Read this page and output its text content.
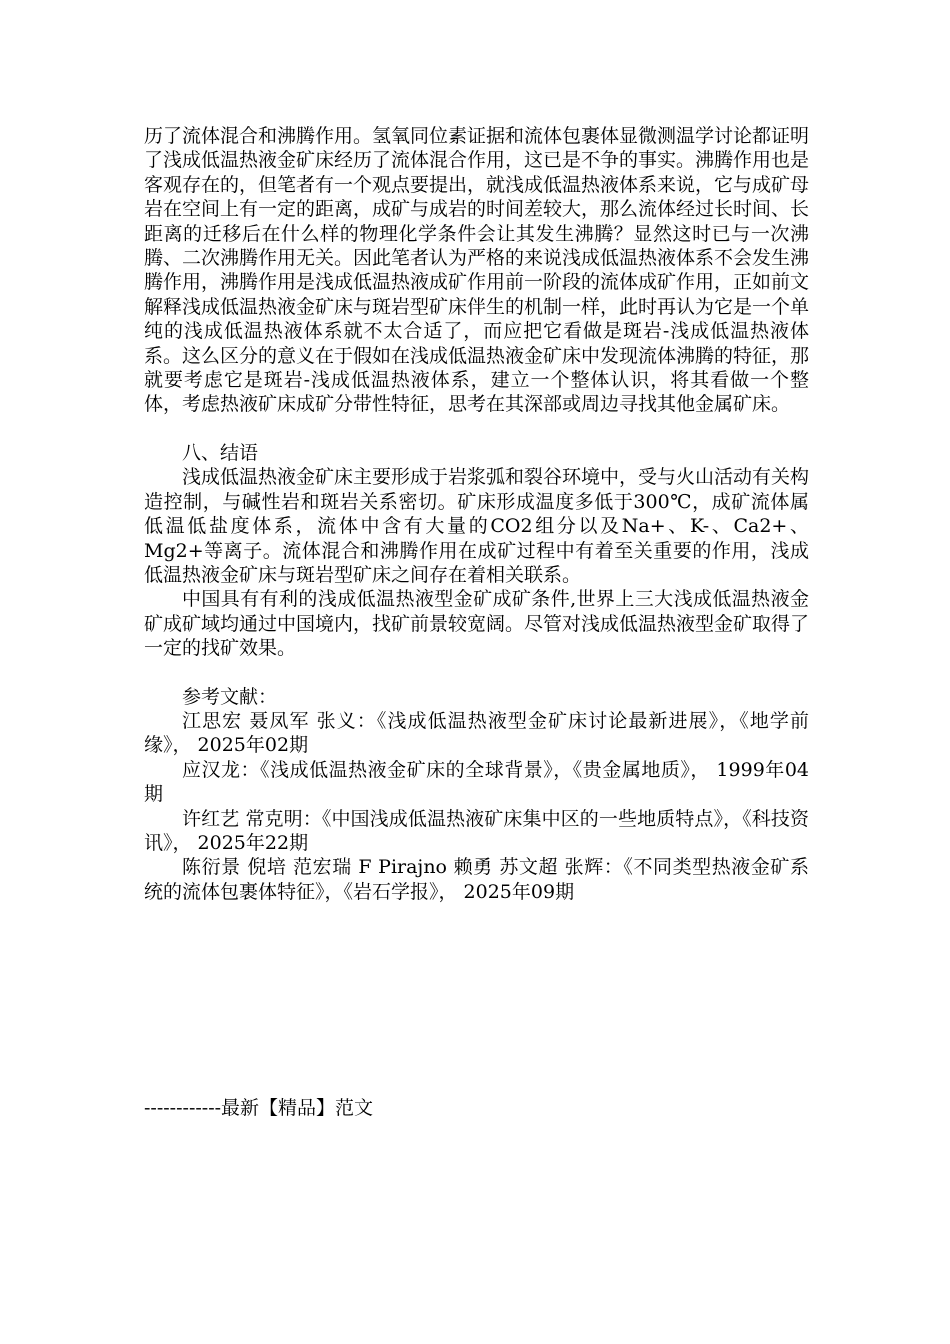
历了流体混合和沸腾作用。氢氧同位素证据和流体包裹体显微测温学讨论都证明了浅成低温热液金矿床经历了流体混合作用，这已是不争的事实。沸腾作用也是客观存在的，但笔者有一个观点要提出，就浅成低温热液体系来说，它与成矿母岩在空间上有一定的距离，成矿与成岩的时间差较大，那么流体经过长时间、长距离的迁移后在什么样的物理化学条件会让其发生沸腾？显然这时已与一次沸腾、二次沸腾作用无关。因此笔者认为严格的来说浅成低温热液体系不会发生沸腾作用，沸腾作用是浅成低温热液成矿作用前一阶段的流体成矿作用，正如前文解释浅成低温热液金矿床与斑岩型矿床伴生的机制一样，此时再认为它是一个单纯的浅成低温热液体系就不太合适了，而应把它看做是斑岩-浅成低温热液体系。这么区分的意义在于假如在浅成低温热液金矿床中发现流体沸腾的特征，那就要考虑它是斑岩-浅成低温热液体系，建立一个整体认识，将其看做一个整体，考虑热液矿床成矿分带性特征，思考在其深部或周边寻找其他金属矿床。

八、结语

浅成低温热液金矿床主要形成于岩浆弧和裂谷环境中，受与火山活动有关构造控制，与碱性岩和斑岩关系密切。矿床形成温度多低于300℃，成矿流体属低温低盐度体系，流体中含有大量的CO2组分以及Na+、K-、Ca2+、Mg2+等离子。流体混合和沸腾作用在成矿过程中有着至关重要的作用，浅成低温热液金矿床与斑岩型矿床之间存在着相关联系。

中国具有有利的浅成低温热液型金矿成矿条件,世界上三大浅成低温热液金矿成矿域均通过中国境内，找矿前景较宽阔。尽管对浅成低温热液型金矿取得了一定的找矿效果。

参考文献：

江思宏 聂凤军 张义：《浅成低温热液型金矿床讨论最新进展》，《地学前缘》， 2025年02期

应汉龙：《浅成低温热液金矿床的全球背景》，《贵金属地质》， 1999年04期

许红艺 常克明：《中国浅成低温热液矿床集中区的一些地质特点》，《科技资讯》， 2025年22期

陈衍景 倪培 范宏瑞 F Pirajno 赖勇 苏文超 张辉：《不同类型热液金矿系统的流体包裹体特征》，《岩石学报》， 2025年09期

------------最新【精品】范文
